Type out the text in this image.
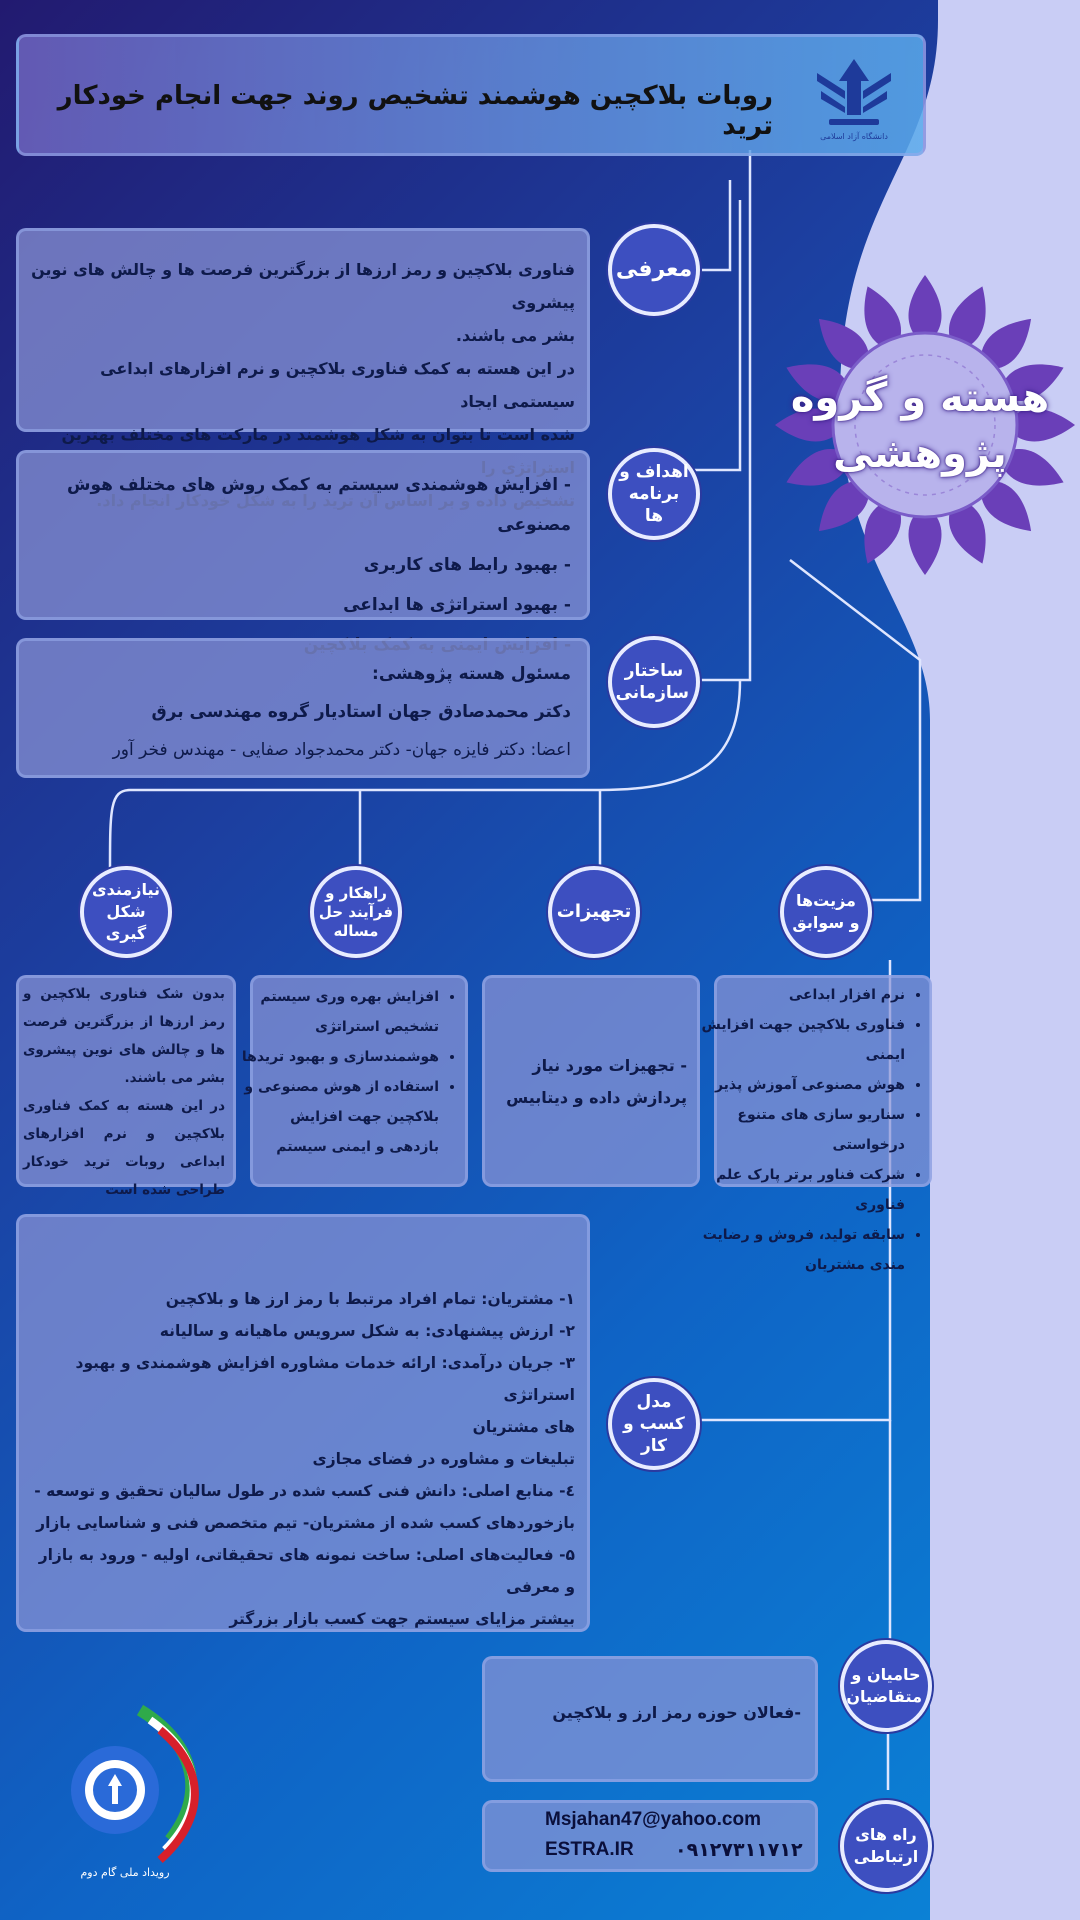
هسته و گروه
پژوهشی
روبات بلاکچین هوشمند تشخیص روند جهت انجام خودکار ترید	دانشگاه آزاد اسلامی
فناوری بلاکچین و رمز ارزها از بزرگترین فرصت ها و چالش های نوین پیشروی
بشر می باشند.
در این هسته به کمک فناوری بلاکچین و نرم افزارهای ابداعی سیستمی ایجاد
شده است تا بتوان به شکل هوشمند در مارکت های مختلف بهترین
معرفی
- افزایش هوشمندی سیستم به کمک روش های مختلف هوش مصنوعی
- بهبود رابط های کاربری
- بهبود استراتژی ها ابداعی
اهداف و برنامه ها
مسئول هسته پژوهشی:
دکتر محمدصادق جهان استادیار گروه مهندسی برق
اعضا: دکتر فایزه جهان- دکتر محمدجواد صفایی - مهندس فخر آور
ساختار سازمانی
مزیت‌ها و سوابق
تجهیزات
راهکار و فرآیند حل مساله
نیازمندی شکل گیری
• نرم افزار ابداعی
• فناوری بلاکچین جهت افزایش ایمنی
• هوش مصنوعی آموزش پذیر
• سناریو سازی های متنوع درخواستی
• شرکت فناور برتر پارک علم فناوری
• سابقه تولید، فروش و رضایت مندی مشتریان
- تجهیزات مورد نیاز پردازش داده و دیتابیس
• افزایش بهره وری سیستم تشخیص استراتژی
• هوشمندسازی و بهبود تریدها
• استفاده از هوش مصنوعی و بلاکچین جهت افزایش بازدهی و ایمنی سیستم
بدون شک فناوری بلاکچین و رمز ارزها از بزرگترین فرصت ها و چالش های نوین پیشروی بشر می باشند.
در این هسته به کمک فناوری بلاکچین و نرم افزارهای ابداعی روبات ترید خودکار طراحی شده است
۱- مشتریان: تمام افراد مرتبط با رمز ارز ها و بلاکچین
۲- ارزش پیشنهادی: به شکل سرویس ماهیانه و سالیانه
۳- جریان درآمدی: ارائه خدمات مشاوره افزایش هوشمندی و بهبود استراتژی
های مشتریان
تبلیغات و مشاوره در فضای مجازی
٤- منابع اصلی: دانش فنی کسب شده در طول سالیان تحقیق و توسعه -
بازخوردهای کسب شده از مشتریان- تیم متخصص فنی و شناسایی بازار
۵- فعالیت‌های اصلی: ساخت نمونه های تحقیقاتی، اولیه - ورود به بازار و معرفی
بیشتر مزایای سیستم جهت کسب بازار بزرگتر
مدل کسب و کار
-فعالان حوزه رمز ارز و بلاکچین
حامیان و متقاضیان
Msjahan47@yahoo.com
ESTRA.IR ۰۹۱۲۷۳۱۱۷۱۲
راه های ارتباطی
رویداد ملی گام دوم
